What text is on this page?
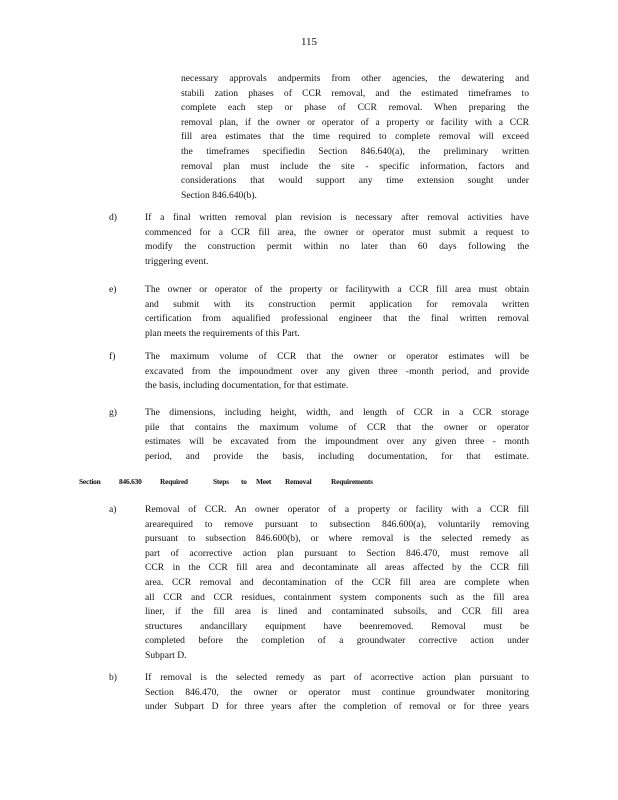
115
necessary approvals andpermits from other agencies, the dewatering and
stabili zation phases of CCR removal, and the estimated timeframes to
complete each step or phase of CCR removal. When preparing the
removal plan, if the owner or operator of a property or facility with a CCR
fill area estimates that the time required to complete removal will exceed
the timeframes specifiedin Section 846.640(a), the preliminary written
removal plan must include the site - specific information, factors and
considerations that would support any time extension sought under
Section 846.640(b).
d)	If a final written removal plan revision is necessary after removal activities have
commenced for a CCR fill area, the owner or operator must submit a request to
modify the construction permit within no later than 60 days following the
triggering event.
e)	The owner or operator of the property or facilitywith a CCR fill area must obtain
and submit with its construction permit application for removala written
certification from aqualified professional engineer that the final written removal
plan meets the requirements of this Part.
f)	The maximum volume of CCR that the owner or operator estimates will be
excavated from the impoundment over any given three -month period, and provide
the basis, including documentation, for that estimate.
g)	The dimensions, including height, width, and length of CCR in a CCR storage
pile that contains the maximum volume of CCR that the owner or operator
estimates will be excavated from the impoundment over any given three - month
period, and provide the basis, including documentation, for that estimate.
Section	846.630	Required	Steps	to	Meet	Removal	Requirements
a)	Removal of CCR. An owner operator of a property or facility with a CCR fill
arearequired to remove pursuant to subsection 846.600(a), voluntarily removing
pursuant to subsection 846.600(b), or where removal is the selected remedy as
part of acorrective action plan pursuant to Section 846.470, must remove all
CCR in the CCR fill area and decontaminate all areas affected by the CCR fill
area. CCR removal and decontamination of the CCR fill area are complete when
all CCR and CCR residues, containment system components such as the fill area
liner, if the fill area is lined and contaminated subsoils, and CCR fill area
structures andancillary equipment have beenremoved. Removal must be
completed before the completion of a groundwater corrective action under
Subpart D.
b)	If removal is the selected remedy as part of acorrective action plan pursuant to
Section 846.470, the owner or operator must continue groundwater monitoring
under Subpart D for three years after the completion of removal or for three years
